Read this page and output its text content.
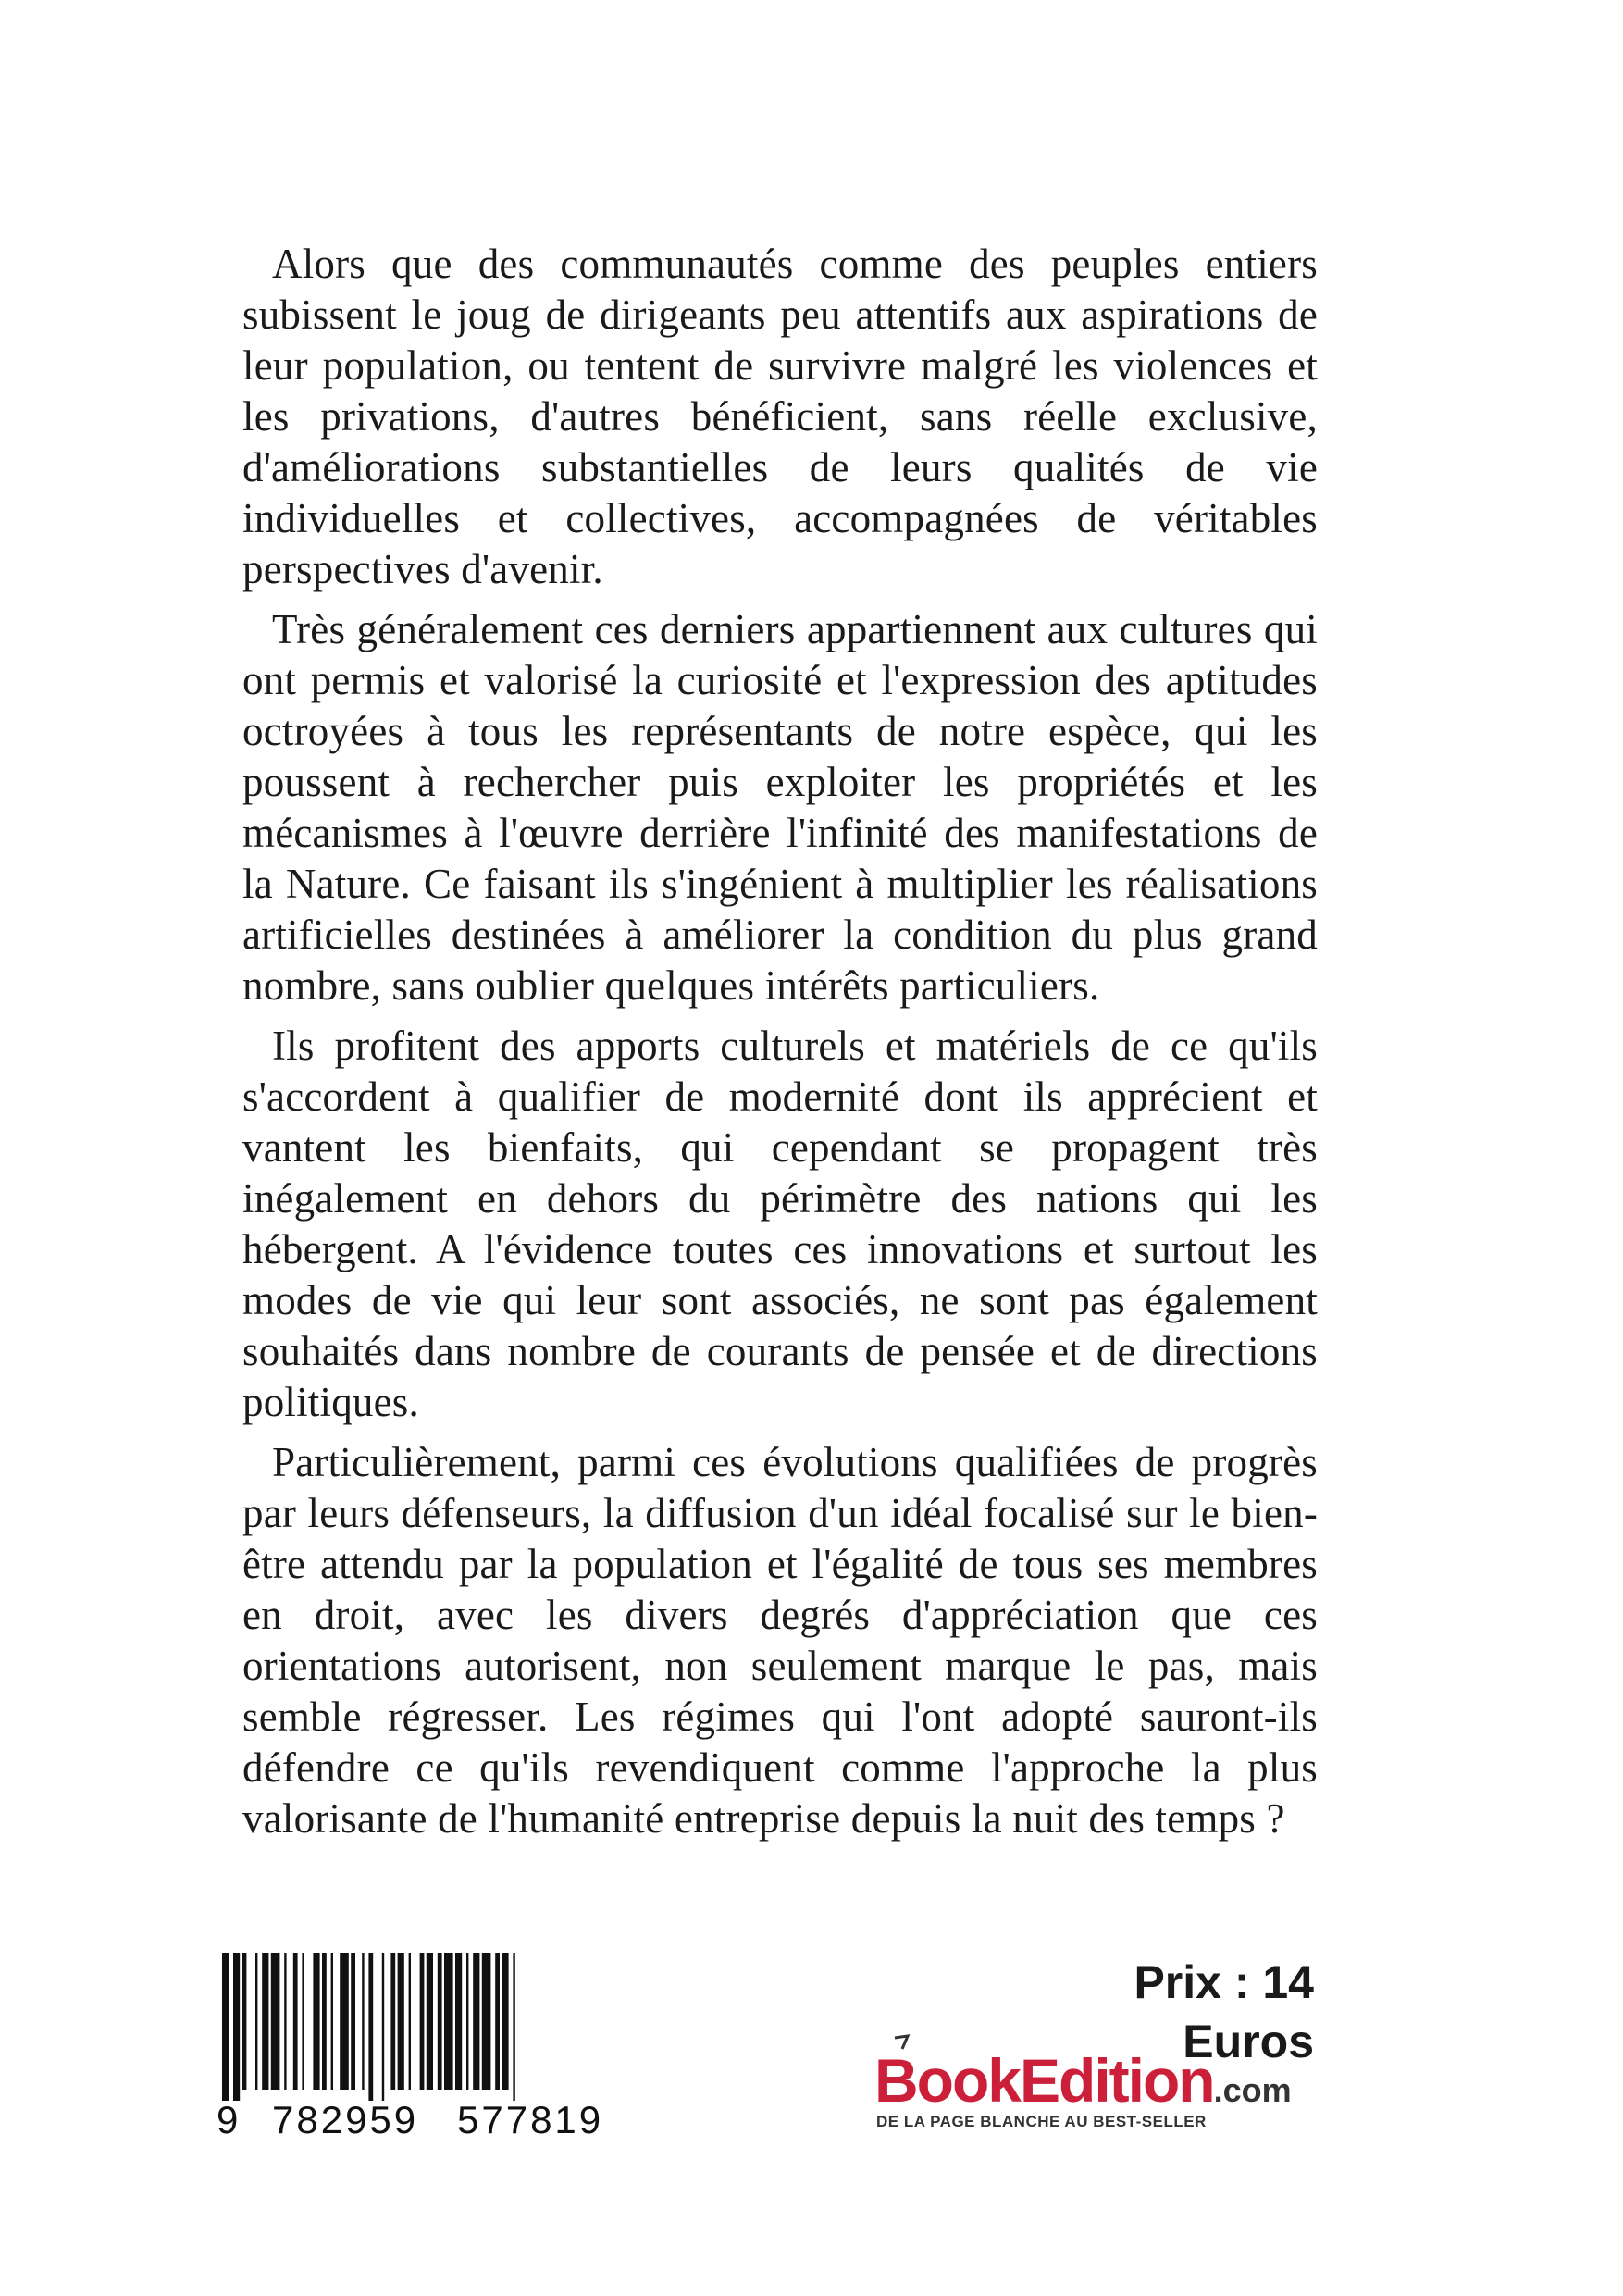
Alors que des communautés comme des peuples entiers subissent le joug de dirigeants peu attentifs aux aspirations de leur population, ou tentent de survivre malgré les violences et les privations, d'autres bénéficient, sans réelle exclusive, d'améliorations substantielles de leurs qualités de vie individuelles et collectives, accompagnées de véritables perspectives d'avenir.

Très généralement ces derniers appartiennent aux cultures qui ont permis et valorisé la curiosité et l'expression des aptitudes octroyées à tous les représentants de notre espèce, qui les poussent à rechercher puis exploiter les propriétés et les mécanismes à l'œuvre derrière l'infinité des manifestations de la Nature. Ce faisant ils s'ingénient à multiplier les réalisations artificielles destinées à améliorer la condition du plus grand nombre, sans oublier quelques intérêts particuliers.

Ils profitent des apports culturels et matériels de ce qu'ils s'accordent à qualifier de modernité dont ils apprécient et vantent les bienfaits, qui cependant se propagent très inégalement en dehors du périmètre des nations qui les hébergent. A l'évidence toutes ces innovations et surtout les modes de vie qui leur sont associés, ne sont pas également souhaités dans nombre de courants de pensée et de directions politiques.

Particulièrement, parmi ces évolutions qualifiées de progrès par leurs défenseurs, la diffusion d'un idéal focalisé sur le bien-être attendu par la population et l'égalité de tous ses membres en droit, avec les divers degrés d'appréciation que ces orientations autorisent, non seulement marque le pas, mais semble régresser. Les régimes qui l'ont adopté sauront-ils défendre ce qu'ils revendiquent comme l'approche la plus valorisante de l'humanité entreprise depuis la nuit des temps ?

9 782959 577819
Prix : 14 Euros
BookEdition.com
DE LA PAGE BLANCHE AU BEST-SELLER
